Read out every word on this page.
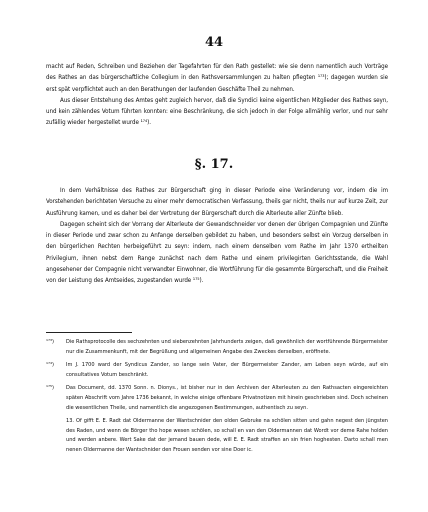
44

macht auf Reden, Schreiben und Beziehen der Tagefahrten für den Rath gestellet: wie sie denn namentlich auch Vorträge des Rathes an das bürgerschaftliche Collegium in den Rathsversammlungen zu halten pflegten ¹⁷³); dagegen wurden sie erst spät verpflichtet auch an den Berathungen der laufenden Geschäfte Theil zu nehmen.

Aus dieser Entstehung des Amtes geht zugleich hervor, daß die Syndici keine eigentlichen Mitglieder des Rathes seyn, und kein zählendes Votum führten konnten: eine Beschränkung, die sich jedoch in der Folge allmählig verlor, und nur sehr zufällig wieder hergestellet wurde ¹⁷⁴).

§. 17.

In dem Verhältnisse des Rathes zur Bürgerschaft ging in dieser Periode eine Veränderung vor, indem die im Vorstehenden berichteten Versuche zu einer mehr democratischen Verfassung, theils gar nicht, theils nur auf kurze Zeit, zur Ausführung kamen, und es daher bei der Vertretung der Bürgerschaft durch die Alterleute aller Zünfte blieb.

Dagegen scheint sich der Vorrang der Alterleute der Gewandschneider vor denen der übrigen Compagnien und Zünfte in dieser Periode und zwar schon zu Anfange derselben gebildet zu haben, und besonders selbst ein Vorzug derselben in den bürgerlichen Rechten herbeigeführt zu seyn: indem, nach einem denselben vom Rathe im Jahr 1370 ertheilten Privilegium, ihnen nebst dem Range zunächst nach dem Rathe und einem privilegirten Gerichtsstande, die Wahl angesehener der Compagnie nicht verwandter Einwohner, die Wortführung für die gesammte Bürgerschaft, und die Freiheit von der Leistung des Amtseides, zugestanden wurde ¹⁷⁵).

¹⁷³) Die Rathsprotocolle des sechzehnten und siebenzehnten Jahrhunderts zeigen, daß gewöhnlich der wortführende Bürgermeister nur die Zusammenkunft, mit der Begrüßung und allgemeinen Angabe des Zweckes derselben, eröffnete.

¹⁷⁴) Im J. 1700 ward der Syndicus Zander, so lange sein Vater, der Bürgermeister Zander, am Leben seyn würde, auf ein consultatives Votum beschränkt.

¹⁷⁵) Das Document, dd. 1370 Sonn. n. Dionys., ist bisher nur in den Archiven der Alterleuten zu den Rathsacten eingereichten späten Abschrift vom Jahre 1736 bekannt, in welche einige offenbare Privatnotizen mit hinein geschrieben sind. Doch scheinen die wesentlichen Theile, und namentlich die angezogenen Bestimmungen, authentisch zu seyn.

13. Of gifft E. E. Radt dat Oldermanne der Wantschnider den olden Gebruke na schölen sitten und gahn negest den jüngsten des Raden, und wenn de Börger tho hope wesen schölen, so schall en van den Oldermannen dat Wordt vor deme Rahe holden und werden anbere. Wert Sake dat der jemand bauen dede, will E. E. Radt straffen an sin frien hoghesten. Darto schall men nenen Oldermanne der Wantschnider den Frouen senden vor sine Doer ic.
